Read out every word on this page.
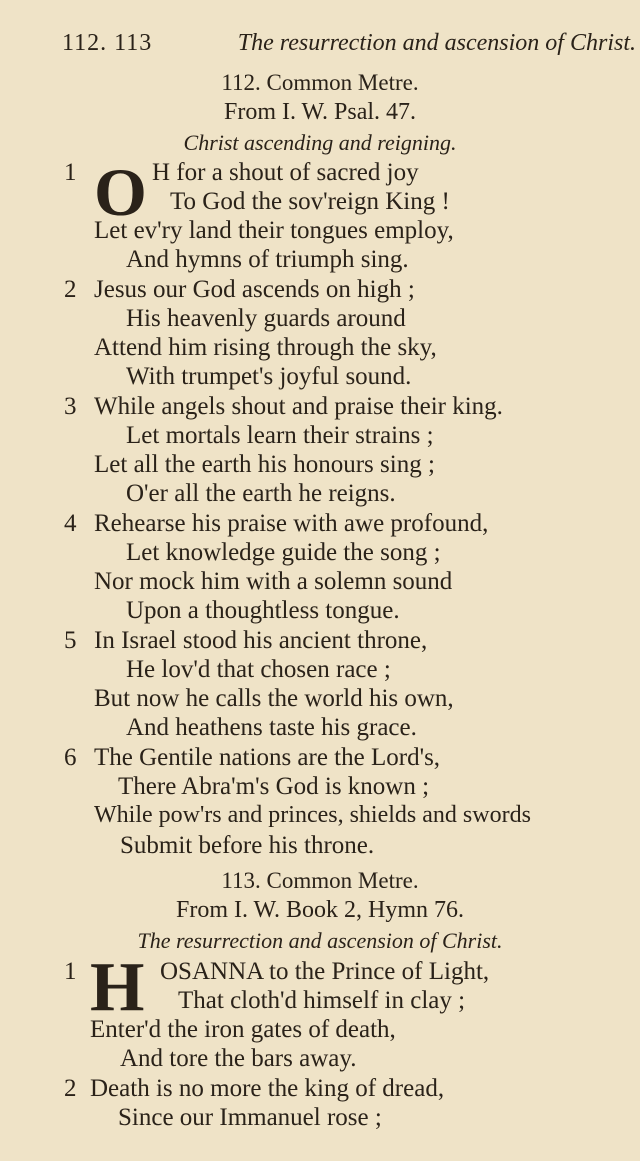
112. 113	The resurrection and ascension of Christ.
112. Common Metre.
From I. W. Psal. 47.
Christ ascending and reigning.
O
1	H for a shout of sacred joy
To God the sov'reign King !
Let ev'ry land their tongues employ,
And hymns of triumph sing.
2 Jesus our God ascends on high ;
His heavenly guards around
Attend him rising through the sky,
With trumpet's joyful sound.
3 While angels shout and praise their king.
Let mortals learn their strains ;
Let all the earth his honours sing ;
O'er all the earth he reigns.
4 Rehearse his praise with awe profound,
Let knowledge guide the song ;
Nor mock him with a solemn sound
Upon a thoughtless tongue.
5 In Israel stood his ancient throne,
He lov'd that chosen race ;
But now he calls the world his own,
And heathens taste his grace.
6 The Gentile nations are the Lord's,
There Abra'm's God is known ;
While pow'rs and princes, shields and swords
Submit before his throne.
113. Common Metre.
From I. W. Book 2, Hymn 76.
The resurrection and ascension of Christ.
H
1	OSANNA to the Prince of Light,
That cloth'd himself in clay ;
Enter'd the iron gates of death,
And tore the bars away.
2 Death is no more the king of dread,
Since our Immanuel rose ;
